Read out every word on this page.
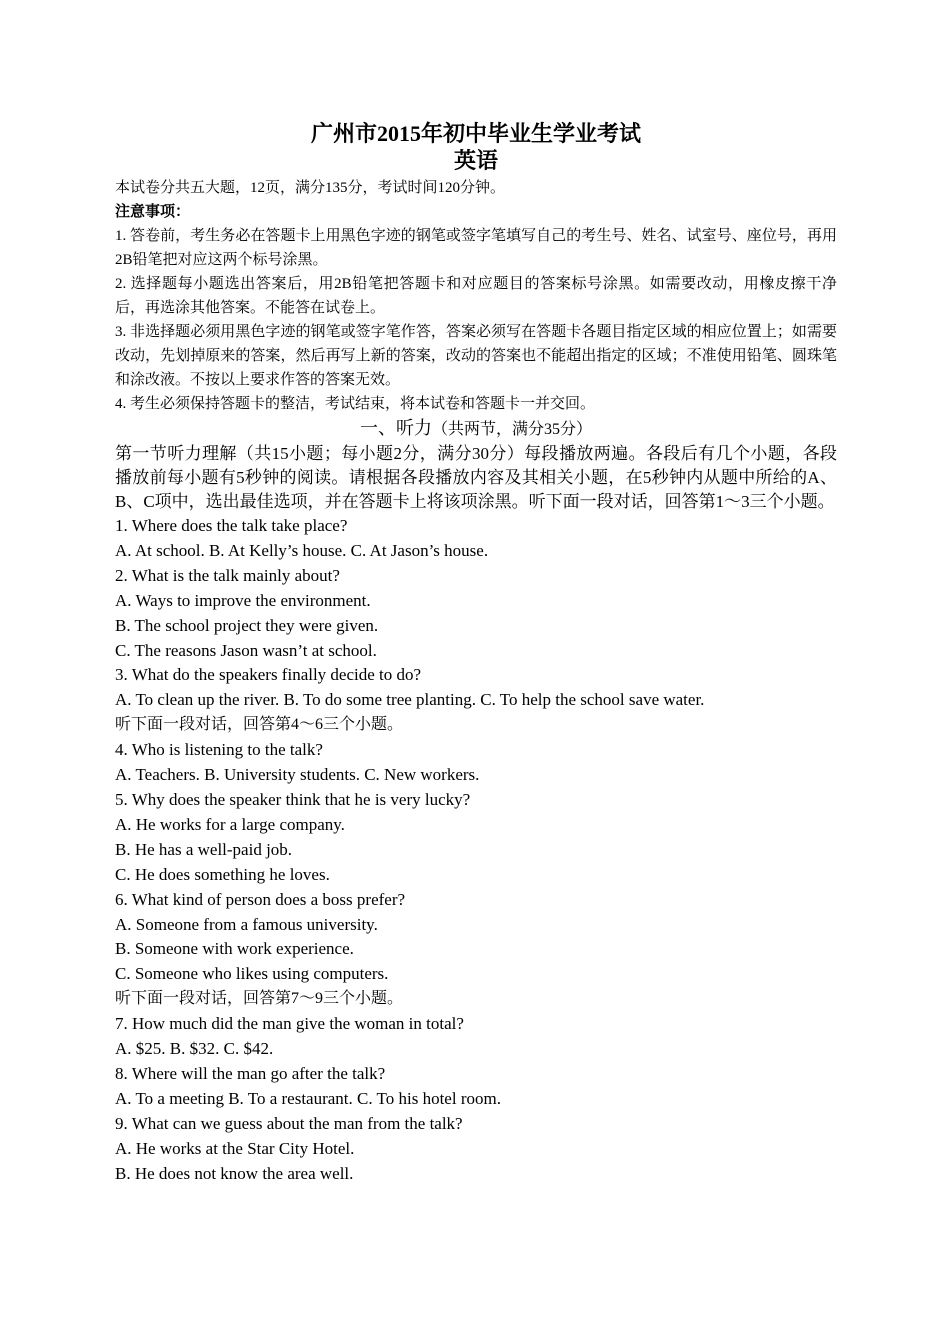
广州市2015年初中毕业生学业考试
英语
本试卷分共五大题，12页，满分135分，考试时间120分钟。
注意事项：
1. 答卷前，考生务必在答题卡上用黑色字迹的钢笔或签字笔填写自己的考生号、姓名、试室号、座位号，再用2B铅笔把对应这两个标号涂黑。
2. 选择题每小题选出答案后，用2B铅笔把答题卡和对应题目的答案标号涂黑。如需要改动，用橡皮擦干净后，再选涂其他答案。不能答在试卷上。
3. 非选择题必须用黑色字迹的钢笔或签字笔作答，答案必须写在答题卡各题目指定区域的相应位置上；如需要改动，先划掉原来的答案，然后再写上新的答案，改动的答案也不能超出指定的区域；不准使用铅笔、圆珠笔和涂改液。不按以上要求作答的答案无效。
4. 考生必须保持答题卡的整洁，考试结束，将本试卷和答题卡一并交回。
一、听力（共两节，满分35分）
第一节听力理解（共15小题；每小题2分，满分30分）每段播放两遍。各段后有几个小题，各段播放前每小题有5秒钟的阅读。请根据各段播放内容及其相关小题，在5秒钟内从题中所给的A、B、C项中，选出最佳选项，并在答题卡上将该项涂黑。听下面一段对话，回答第1～3三个小题。
1. Where does the talk take place?
A. At school. B. At Kelly’s house. C. At Jason’s house.
2. What is the talk mainly about?
A. Ways to improve the environment.
B. The school project they were given.
C. The reasons Jason wasn’t at school.
3. What do the speakers finally decide to do?
A. To clean up the river. B. To do some tree planting. C. To help the school save water.
听下面一段对话，回答第4～6三个小题。
4. Who is listening to the talk?
A. Teachers. B. University students. C. New workers.
5. Why does the speaker think that he is very lucky?
A. He works for a large company.
B. He has a well-paid job.
C. He does something he loves.
6. What kind of person does a boss prefer?
A. Someone from a famous university.
B. Someone with work experience.
C. Someone who likes using computers.
听下面一段对话，回答第7～9三个小题。
7. How much did the man give the woman in total?
A. $25. B. $32. C. $42.
8. Where will the man go after the talk?
A. To a meeting B. To a restaurant. C. To his hotel room.
9. What can we guess about the man from the talk?
A. He works at the Star City Hotel.
B. He does not know the area well.
